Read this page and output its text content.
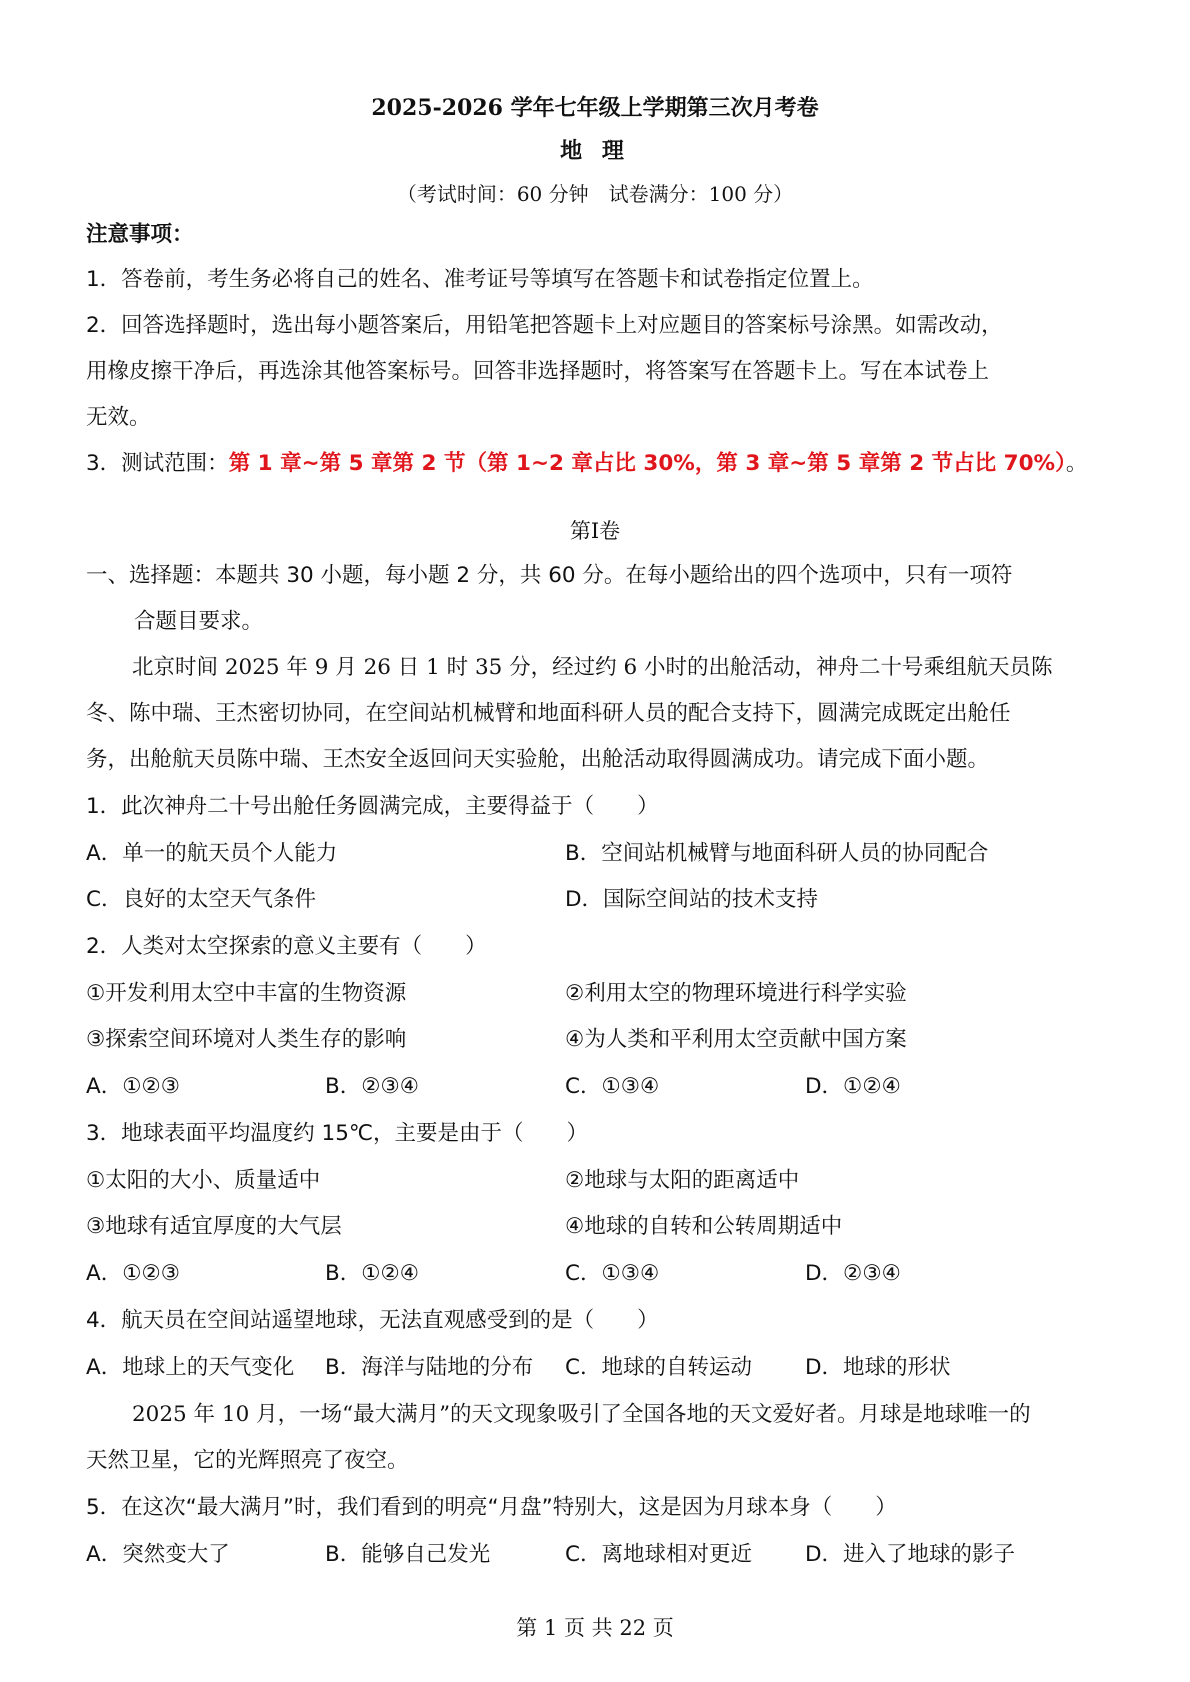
2025-2026 学年七年级上学期第三次月考卷
地 理
（考试时间：60 分钟　试卷满分：100 分）
注意事项：
1．答卷前，考生务必将自己的姓名、准考证号等填写在答题卡和试卷指定位置上。
2．回答选择题时，选出每小题答案后，用铅笔把答题卡上对应题目的答案标号涂黑。如需改动，
用橡皮擦干净后，再选涂其他答案标号。回答非选择题时，将答案写在答题卡上。写在本试卷上
无效。
3．测试范围：第 1 章~第 5 章第 2 节（第 1~2 章占比 30%，第 3 章~第 5 章第 2 节占比 70%）。
第Ⅰ卷
一、选择题：本题共 30 小题，每小题 2 分，共 60 分。在每小题给出的四个选项中，只有一项符
合题目要求。
北京时间 2025 年 9 月 26 日 1 时 35 分，经过约 6 小时的出舱活动，神舟二十号乘组航天员陈
冬、陈中瑞、王杰密切协同，在空间站机械臂和地面科研人员的配合支持下，圆满完成既定出舱任
务，出舱航天员陈中瑞、王杰安全返回问天实验舱，出舱活动取得圆满成功。请完成下面小题。
1．此次神舟二十号出舱任务圆满完成，主要得益于（　　）
A．单一的航天员个人能力	B．空间站机械臂与地面科研人员的协同配合
C．良好的太空天气条件	D．国际空间站的技术支持
2．人类对太空探索的意义主要有（　　）
①开发利用太空中丰富的生物资源	②利用太空的物理环境进行科学实验
③探索空间环境对人类生存的影响	④为人类和平利用太空贡献中国方案
A．①②③	B．②③④	C．①③④	D．①②④
3．地球表面平均温度约 15℃，主要是由于（　　）
①太阳的大小、质量适中	②地球与太阳的距离适中
③地球有适宜厚度的大气层	④地球的自转和公转周期适中
A．①②③	B．①②④	C．①③④	D．②③④
4．航天员在空间站遥望地球，无法直观感受到的是（　　）
A．地球上的天气变化 B．海洋与陆地的分布 C．地球的自转运动 D．地球的形状
2025 年 10 月，一场“最大满月”的天文现象吸引了全国各地的天文爱好者。月球是地球唯一的
天然卫星，它的光辉照亮了夜空。
5．在这次“最大满月”时，我们看到的明亮“月盘”特别大，这是因为月球本身（　　）
A．突然变大了	B．能够自己发光	C．离地球相对更近 D．进入了地球的影子
第 1 页 共 22 页
